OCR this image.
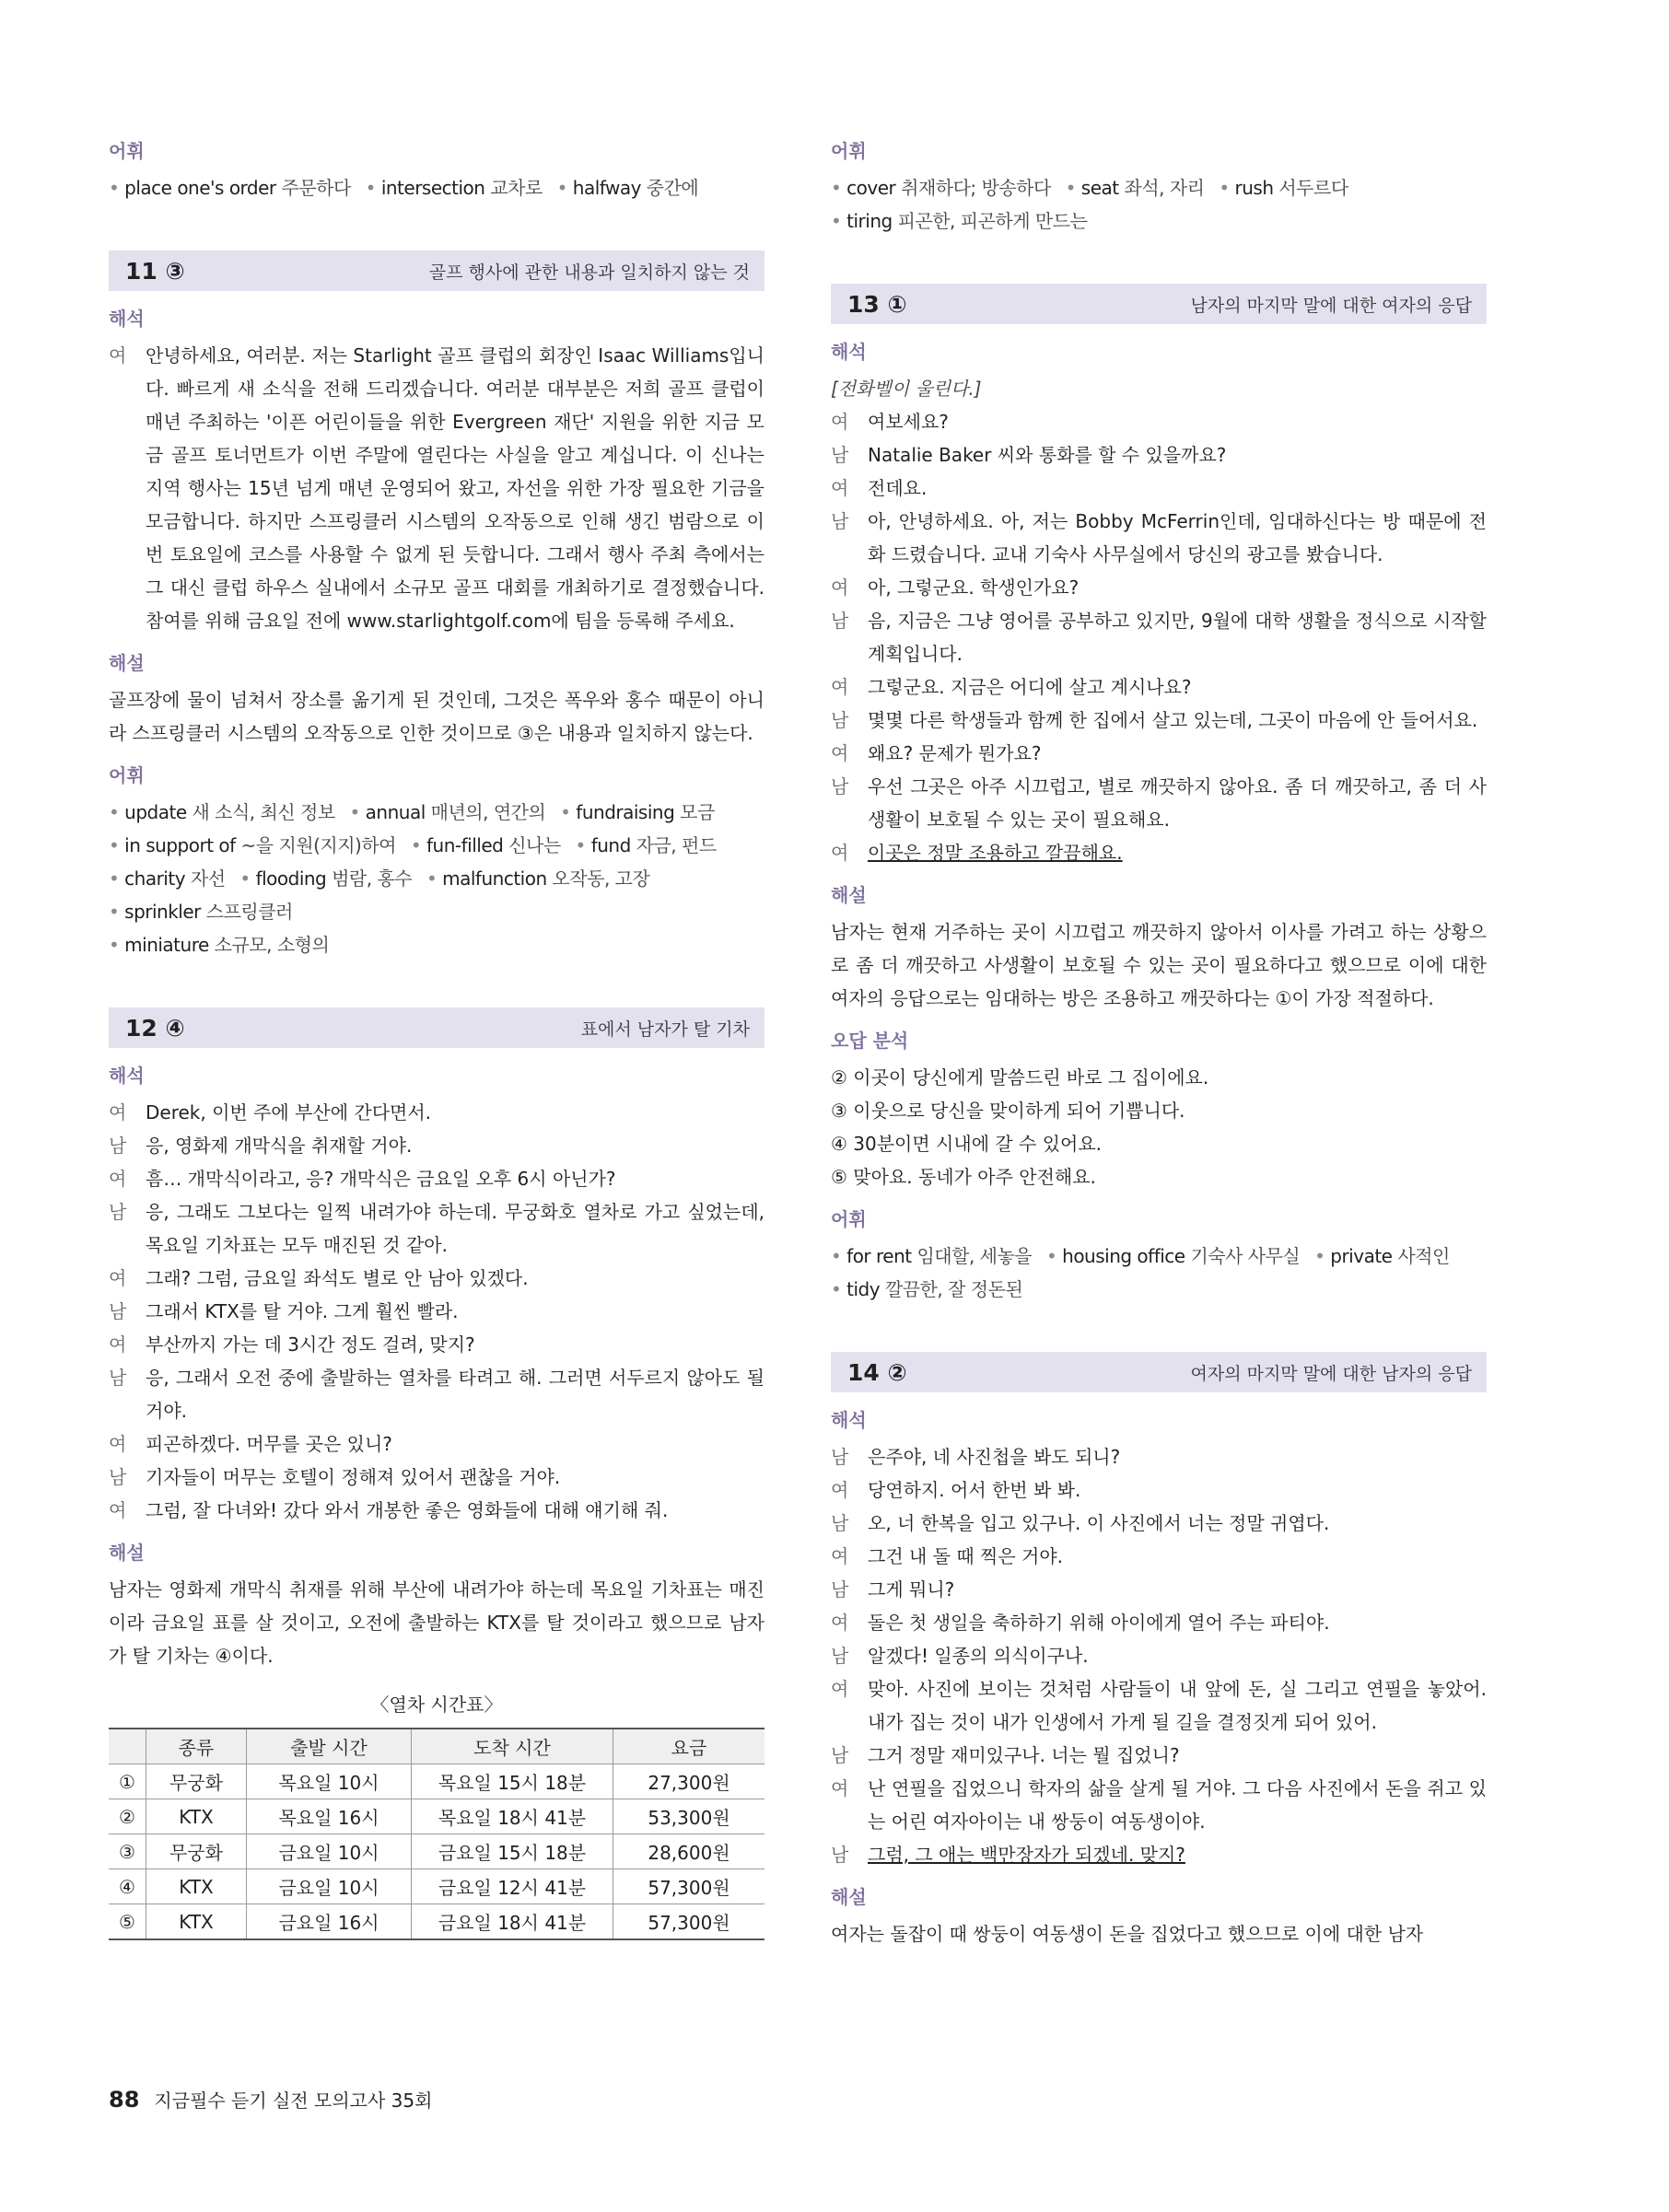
어휘
• place one's order 주문하다 • intersection 교차로 • halfway 중간에
11 ③	골프 행사에 관한 내용과 일치하지 않는 것
해석
여	안녕하세요, 여러분. 저는 Starlight 골프 클럽의 회장인 Isaac Williams입니다. 빠르게 새 소식을 전해 드리겠습니다. 여러분 대부분은 저희 골프 클럽이 매년 주최하는 '이픈 어린이들을 위한 Evergreen 재단' 지원을 위한 지금 모금 골프 토너먼트가 이번 주말에 열린다는 사실을 알고 계십니다. 이 신나는 지역 행사는 15년 넘게 매년 운영되어 왔고, 자선을 위한 가장 필요한 기금을 모금합니다. 하지만 스프링클러 시스템의 오작동으로 인해 생긴 범람으로 이번 토요일에 코스를 사용할 수 없게 된 듯합니다. 그래서 행사 주최 측에서는 그 대신 클럽 하우스 실내에서 소규모 골프 대회를 개최하기로 결정했습니다. 참여를 위해 금요일 전에 www.starlightgolf.com에 팀을 등록해 주세요.
해설
골프장에 물이 넘쳐서 장소를 옮기게 된 것인데, 그것은 폭우와 홍수 때문이 아니라 스프링클러 시스템의 오작동으로 인한 것이므로 ③은 내용과 일치하지 않는다.
어휘
• update 새 소식, 최신 정보 • annual 매년의, 연간의 • fundraising 모금
• in support of ~을 지원(지지)하여 • fun-filled 신나는 • fund 자금, 펀드
• charity 자선 • flooding 범람, 홍수 • malfunction 오작동, 고장 • sprinkler 스프링클러
• miniature 소규모, 소형의
12 ④	표에서 남자가 탈 기차
해석
여	Derek, 이번 주에 부산에 간다면서.
남	응, 영화제 개막식을 취재할 거야.
여	흠… 개막식이라고, 응? 개막식은 금요일 오후 6시 아닌가?
남	응, 그래도 그보다는 일찍 내려가야 하는데. 무궁화호 열차로 가고 싶었는데, 목요일 기차표는 모두 매진된 것 같아.
여	그래? 그럼, 금요일 좌석도 별로 안 남아 있겠다.
남	그래서 KTX를 탈 거야. 그게 훨씬 빨라.
여	부산까지 가는 데 3시간 정도 걸려, 맞지?
남	응, 그래서 오전 중에 출발하는 열차를 타려고 해. 그러면 서두르지 않아도 될 거야.
여	피곤하겠다. 머무를 곳은 있니?
남	기자들이 머무는 호텔이 정해져 있어서 괜찮을 거야.
여	그럼, 잘 다녀와! 갔다 와서 개봉한 좋은 영화들에 대해 얘기해 줘.
해설
남자는 영화제 개막식 취재를 위해 부산에 내려가야 하는데 목요일 기차표는 매진이라 금요일 표를 살 것이고, 오전에 출발하는 KTX를 탈 것이라고 했으므로 남자가 탈 기차는 ④이다.
〈열차 시간표〉
	종류	출발 시간	도착 시간	요금
①	무궁화	목요일 10시	목요일 15시 18분	27,300원
②	KTX	목요일 16시	목요일 18시 41분	53,300원
③	무궁화	금요일 10시	금요일 15시 18분	28,600원
④	KTX	금요일 10시	금요일 12시 41분	57,300원
⑤	KTX	금요일 16시	금요일 18시 41분	57,300원
어휘
• cover 취재하다; 방송하다 • seat 좌석, 자리 • rush 서두르다
• tiring 피곤한, 피곤하게 만드는
13 ①	남자의 마지막 말에 대한 여자의 응답
해석
[전화벨이 울린다.]
여	여보세요?
남	Natalie Baker 씨와 통화를 할 수 있을까요?
여	전데요.
남	아, 안녕하세요. 아, 저는 Bobby McFerrin인데, 임대하신다는 방 때문에 전화 드렸습니다. 교내 기숙사 사무실에서 당신의 광고를 봤습니다.
여	아, 그렇군요. 학생인가요?
남	음, 지금은 그냥 영어를 공부하고 있지만, 9월에 대학 생활을 정식으로 시작할 계획입니다.
여	그렇군요. 지금은 어디에 살고 계시나요?
남	몇몇 다른 학생들과 함께 한 집에서 살고 있는데, 그곳이 마음에 안 들어서요.
여	왜요? 문제가 뭔가요?
남	우선 그곳은 아주 시끄럽고, 별로 깨끗하지 않아요. 좀 더 깨끗하고, 좀 더 사생활이 보호될 수 있는 곳이 필요해요.
여	이곳은 정말 조용하고 깔끔해요.
해설
남자는 현재 거주하는 곳이 시끄럽고 깨끗하지 않아서 이사를 가려고 하는 상황으로 좀 더 깨끗하고 사생활이 보호될 수 있는 곳이 필요하다고 했으므로 이에 대한 여자의 응답으로는 임대하는 방은 조용하고 깨끗하다는 ①이 가장 적절하다.
오답 분석
② 이곳이 당신에게 말씀드린 바로 그 집이에요.
③ 이웃으로 당신을 맞이하게 되어 기쁩니다.
④ 30분이면 시내에 갈 수 있어요.
⑤ 맞아요. 동네가 아주 안전해요.
어휘
• for rent 임대할, 세놓을 • housing office 기숙사 사무실 • private 사적인
• tidy 깔끔한, 잘 정돈된
14 ②	여자의 마지막 말에 대한 남자의 응답
해석
남	은주야, 네 사진첩을 봐도 되니?
여	당연하지. 어서 한번 봐 봐.
남	오, 너 한복을 입고 있구나. 이 사진에서 너는 정말 귀엽다.
여	그건 내 돌 때 찍은 거야.
남	그게 뭐니?
여	돌은 첫 생일을 축하하기 위해 아이에게 열어 주는 파티야.
남	알겠다! 일종의 의식이구나.
여	맞아. 사진에 보이는 것처럼 사람들이 내 앞에 돈, 실 그리고 연필을 놓았어. 내가 집는 것이 내가 인생에서 가게 될 길을 결정짓게 되어 있어.
남	그거 정말 재미있구나. 너는 뭘 집었니?
여	난 연필을 집었으니 학자의 삶을 살게 될 거야. 그 다음 사진에서 돈을 쥐고 있는 어린 여자아이는 내 쌍둥이 여동생이야.
남	그럼, 그 애는 백만장자가 되겠네. 맞지?
해설
여자는 돌잡이 때 쌍둥이 여동생이 돈을 집었다고 했으므로 이에 대한 남자
88 지금필수 듣기 실전 모의고사 35회
